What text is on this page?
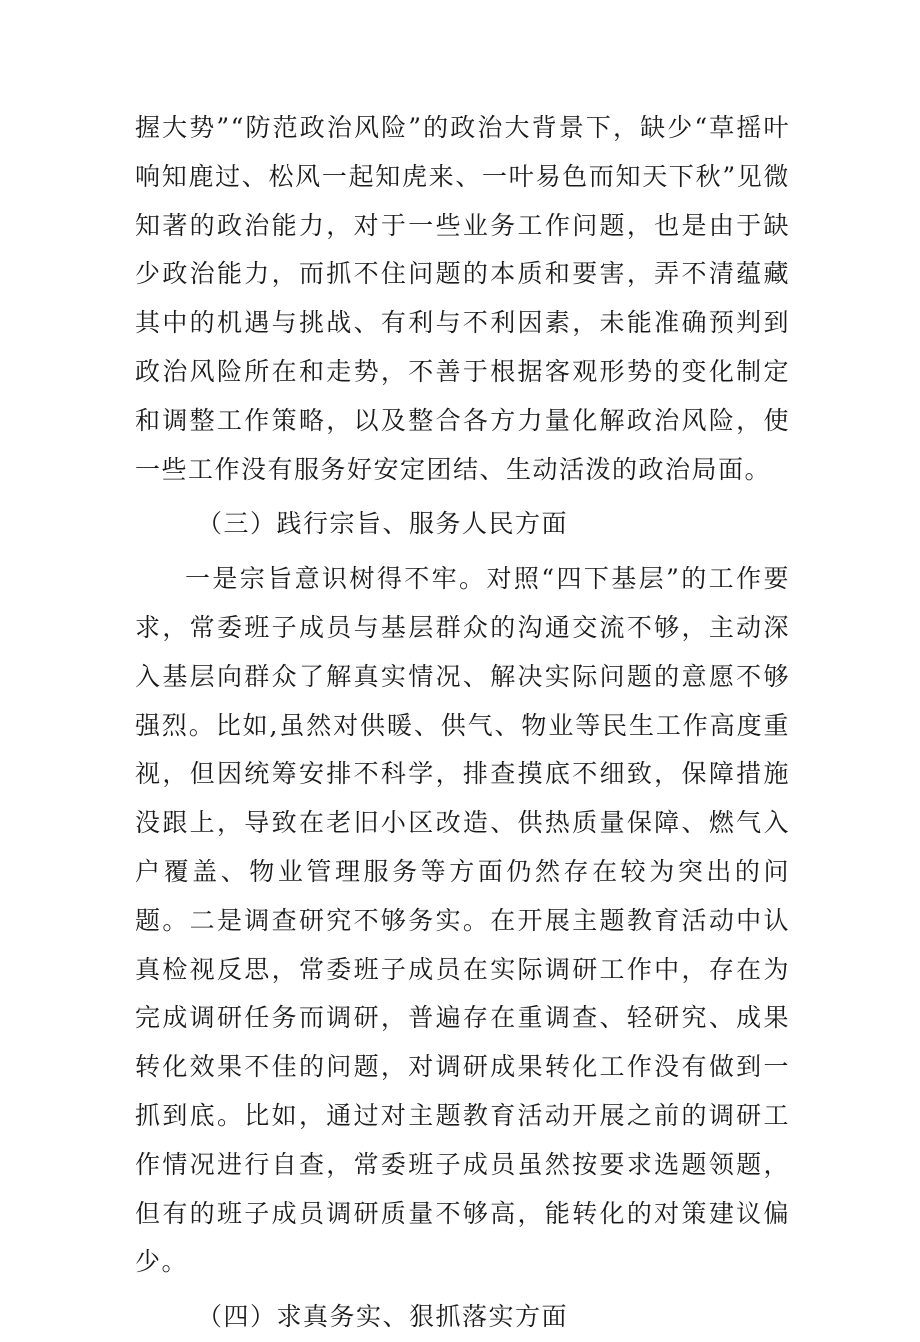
握大势”“防范政治风险”的政治大背景下，缺少“草摇叶响知鹿过、松风一起知虎来、一叶易色而知天下秋”见微知著的政治能力，对于一些业务工作问题，也是由于缺少政治能力，而抓不住问题的本质和要害，弄不清蕴藏其中的机遇与挑战、有利与不利因素，未能准确预判到政治风险所在和走势，不善于根据客观形势的变化制定和调整工作策略，以及整合各方力量化解政治风险，使一些工作没有服务好安定团结、生动活泼的政治局面。

（三）践行宗旨、服务人民方面

一是宗旨意识树得不牢。对照“四下基层”的工作要求，常委班子成员与基层群众的沟通交流不够，主动深入基层向群众了解真实情况、解决实际问题的意愿不够强烈。比如,虽然对供暖、供气、物业等民生工作高度重视，但因统筹安排不科学，排查摸底不细致，保障措施没跟上，导致在老旧小区改造、供热质量保障、燃气入户覆盖、物业管理服务等方面仍然存在较为突出的问题。二是调查研究不够务实。在开展主题教育活动中认真检视反思，常委班子成员在实际调研工作中，存在为完成调研任务而调研，普遍存在重调查、轻研究、成果转化效果不佳的问题，对调研成果转化工作没有做到一抓到底。比如，通过对主题教育活动开展之前的调研工作情况进行自查，常委班子成员虽然按要求选题领题，但有的班子成员调研质量不够高，能转化的对策建议偏少。

（四）求真务实、狠抓落实方面
